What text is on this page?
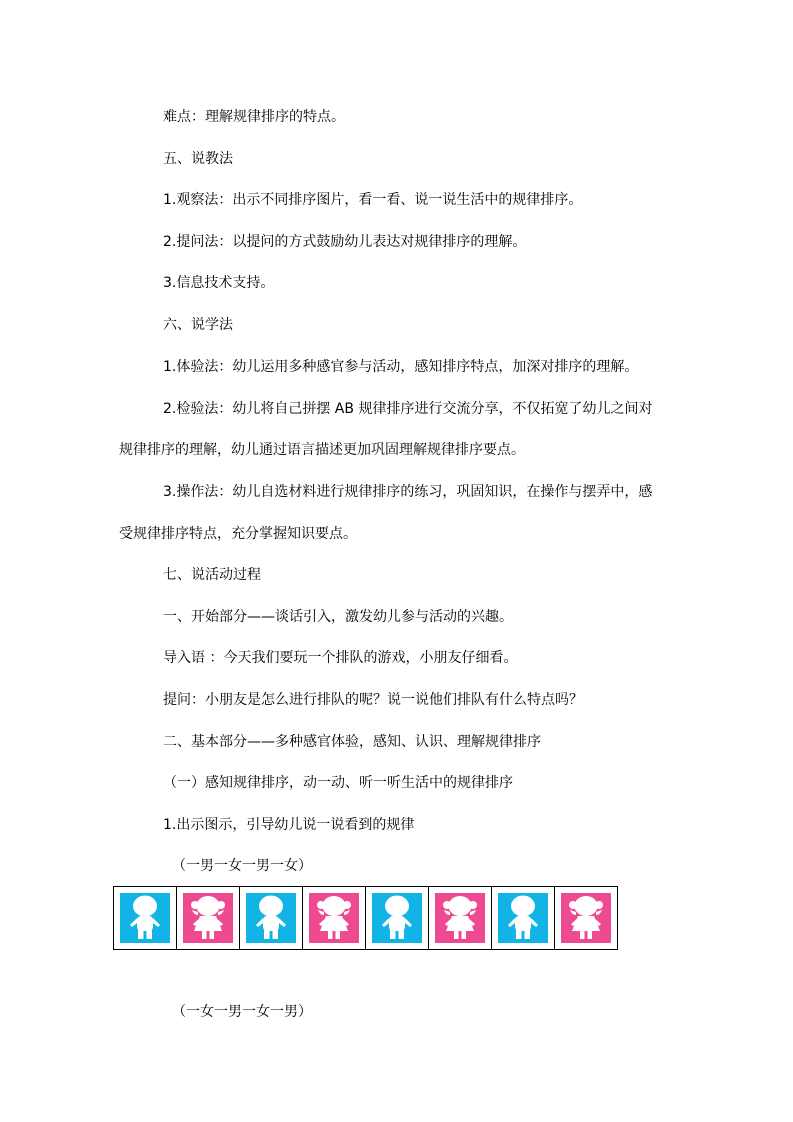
难点：理解规律排序的特点。
五、说教法
1.观察法：出示不同排序图片，看一看、说一说生活中的规律排序。
2.提问法：以提问的方式鼓励幼儿表达对规律排序的理解。
3.信息技术支持。
六、说学法
1.体验法：幼儿运用多种感官参与活动，感知排序特点，加深对排序的理解。
2.检验法：幼儿将自己拼摆 AB 规律排序进行交流分享，不仅拓宽了幼儿之间对
规律排序的理解，幼儿通过语言描述更加巩固理解规律排序要点。
3.操作法：幼儿自选材料进行规律排序的练习，巩固知识，在操作与摆弄中，感
受规律排序特点，充分掌握知识要点。
七、说活动过程
一、开始部分——谈话引入，激发幼儿参与活动的兴趣。
导入语 ：今天我们要玩一个排队的游戏，小朋友仔细看。
提问：小朋友是怎么进行排队的呢？说一说他们排队有什么特点吗？
二、基本部分——多种感官体验，感知、认识、理解规律排序
（一）感知规律排序，动一动、听一听生活中的规律排序
1.出示图示，引导幼儿说一说看到的规律
（一男一女一男一女）
（一女一男一女一男）
